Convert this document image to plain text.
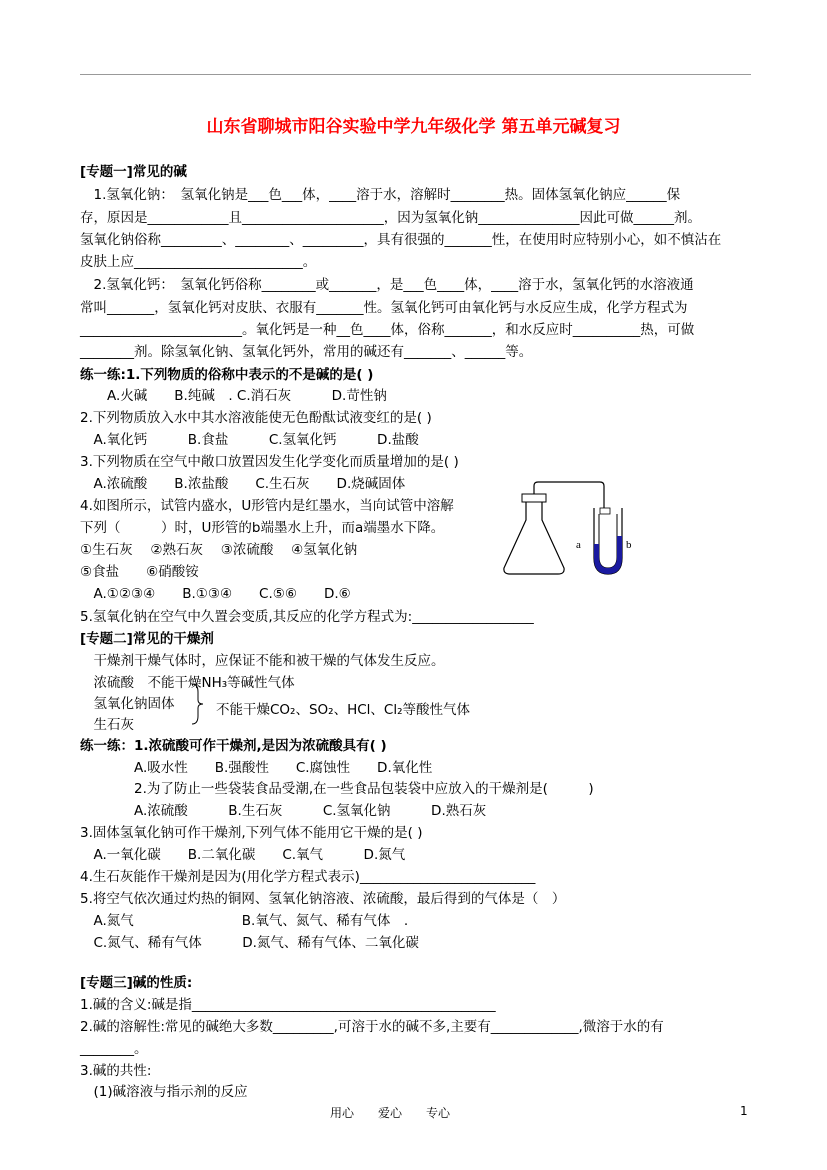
山东省聊城市阳谷实验中学九年级化学 第五单元碱复习
[专题一]常见的碱
　1.氢氧化钠：　氢氧化钠是___色___体，____溶于水，溶解时________热。固体氢氧化钠应______保
存，原因是____________且_____________________，因为氢氧化钠_______________因此可做______剂。
氢氧化钠俗称_________、________、_________，具有很强的_______性，在使用时应特别小心，如不慎沾在
皮肤上应_________________________。
　2.氢氧化钙：　氢氧化钙俗称________或_______，是___色____体，____溶于水，氢氧化钙的水溶液通
常叫_______，氢氧化钙对皮肤、衣服有_______性。氢氧化钙可由氧化钙与水反应生成，化学方程式为
________________________。氧化钙是一种__色____体，俗称_______，和水反应时__________热，可做
________剂。除氢氧化钠、氢氧化钙外，常用的碱还有_______、______等。
练一练:1.下列物质的俗称中表示的不是碱的是( )
　　A.火碱　　B.纯碱　. C.消石灰　　　D.苛性钠
2.下列物质放入水中其水溶液能使无色酚酞试液变红的是( )
　A.氧化钙　　　B.食盐　　　C.氢氧化钙　　　D.盐酸
3.下列物质在空气中敞口放置因发生化学变化而质量增加的是( )
　A.浓硫酸　　B.浓盐酸　　C.生石灰　　D.烧碱固体
4.如图所示，试管内盛水，U形管内是红墨水，当向试管中溶解
下列（　　　）时，U形管的b端墨水上升，而a端墨水下降。
①生石灰　 ②熟石灰　 ③浓硫酸　 ④氢氧化钠
⑤食盐　　⑥硝酸铵
　A.①②③④　　B.①③④　　C.⑤⑥　　D.⑥
5.氢氧化钠在空气中久置会变质,其反应的化学方程式为:__________________
[专题二]常见的干燥剂
　干燥剂干燥气体时，应保证不能和被干燥的气体发生反应。
　浓硫酸　不能干燥NH₃等碱性气体
　氢氧化钠固体
　生石灰
练一练：1.浓硫酸可作干燥剂,是因为浓硫酸具有( )
　　　　A.吸水性　　B.强酸性　　C.腐蚀性　　D.氧化性
　　　　2.为了防止一些袋装食品受潮,在一些食品包装袋中应放入的干燥剂是(　　　)
　　　　A.浓硫酸　　　B.生石灰　　　C.氢氧化钠　　　D.熟石灰
3.固体氢氧化钠可作干燥剂,下列气体不能用它干燥的是( )
　A.一氧化碳　　B.二氧化碳　　C.氧气　　　D.氮气
4.生石灰能作干燥剂是因为(用化学方程式表示)__________________________
5.将空气依次通过灼热的铜网、氢氧化钠溶液、浓硫酸，最后得到的气体是（　）
　A.氮气　　　　　　　　B.氧气、氮气、稀有气体　.
　C.氮气、稀有气体　　　D.氮气、稀有气体、二氧化碳
[专题三]碱的性质:
1.碱的含义:碱是指_____________________________________________
2.碱的溶解性:常见的碱绝大多数_________,可溶于水的碱不多,主要有_____________,微溶于水的有
________。
3.碱的共性:
　(1)碱溶液与指示剂的反应
a	b
不能干燥CO₂、SO₂、HCl、Cl₂等酸性气体
用心　　爱心　　专心	1
